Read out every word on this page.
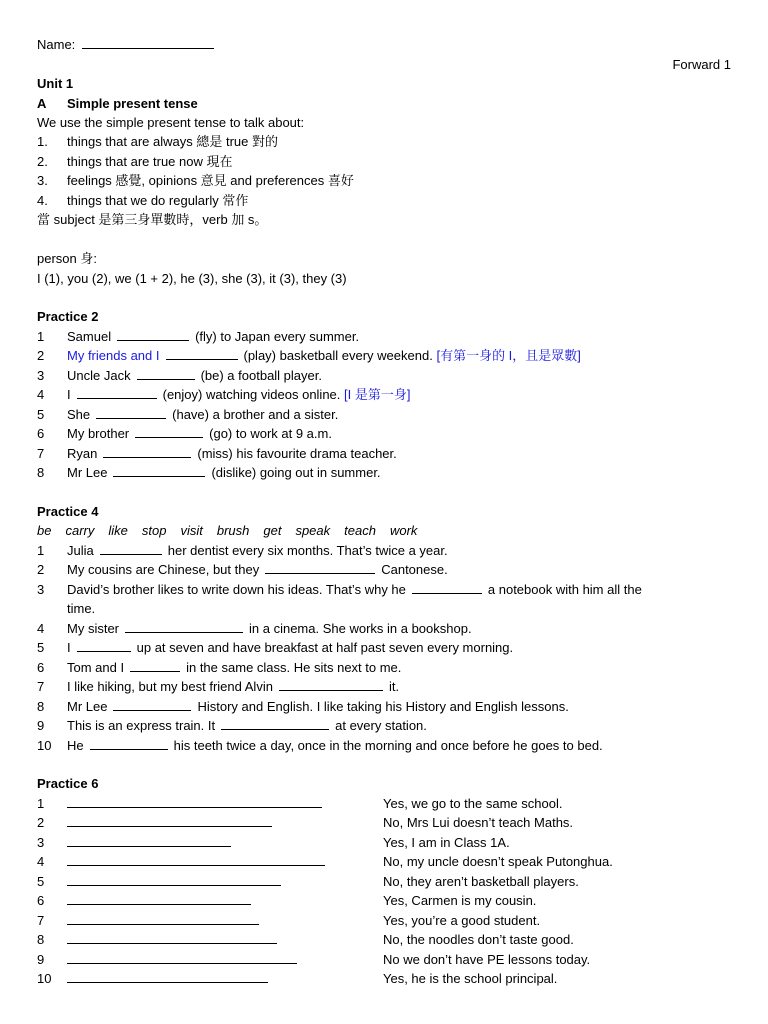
Name:
Forward 1
Unit 1
A Simple present tense
We use the simple present tense to talk about:
1. things that are always 總是 true 對的
2. things that are true now 現在
3. feelings 感覺, opinions 意見 and preferences 喜好
4. things that we do regularly 常作
當 subject 是第三身單數時，verb 加 s。
person 身:
I (1), you (2), we (1 + 2), he (3), she (3), it (3), they (3)
Practice 2
1 Samuel	(fly) to Japan every summer.
2 My friends and I	(play) basketball every weekend. [有第一身的 I，且是眾數]
3 Uncle Jack	(be) a football player.
4 I	(enjoy) watching videos online. [I 是第一身]
5 She	(have) a brother and a sister.
6 My brother	(go) to work at 9 a.m.
7 Ryan	(miss) his favourite drama teacher.
8 Mr Lee	(dislike) going out in summer.
Practice 4
be carry like stop visit brush get speak teach work
1 Julia	her dentist every six months. That’s twice a year.
2 My cousins are Chinese, but they	Cantonese.
3 David’s brother likes to write down his ideas. That’s why he	a notebook with him all the
time.
4 My sister	in a cinema. She works in a bookshop.
5 I	up at seven and have breakfast at half past seven every morning.
6 Tom and I	in the same class. He sits next to me.
7 I like hiking, but my best friend Alvin	it.
8 Mr Lee	History and English. I like taking his History and English lessons.
9 This is an express train. It	at every station.
10 He	his teeth twice a day, once in the morning and once before he goes to bed.
Practice 6
1	Yes, we go to the same school.
2	No, Mrs Lui doesn’t teach Maths.
3	Yes, I am in Class 1A.
4	No, my uncle doesn’t speak Putonghua.
5	No, they aren’t basketball players.
6	Yes, Carmen is my cousin.
7	Yes, you’re a good student.
8	No, the noodles don’t taste good.
9	No we don’t have PE lessons today.
10	Yes, he is the school principal.
